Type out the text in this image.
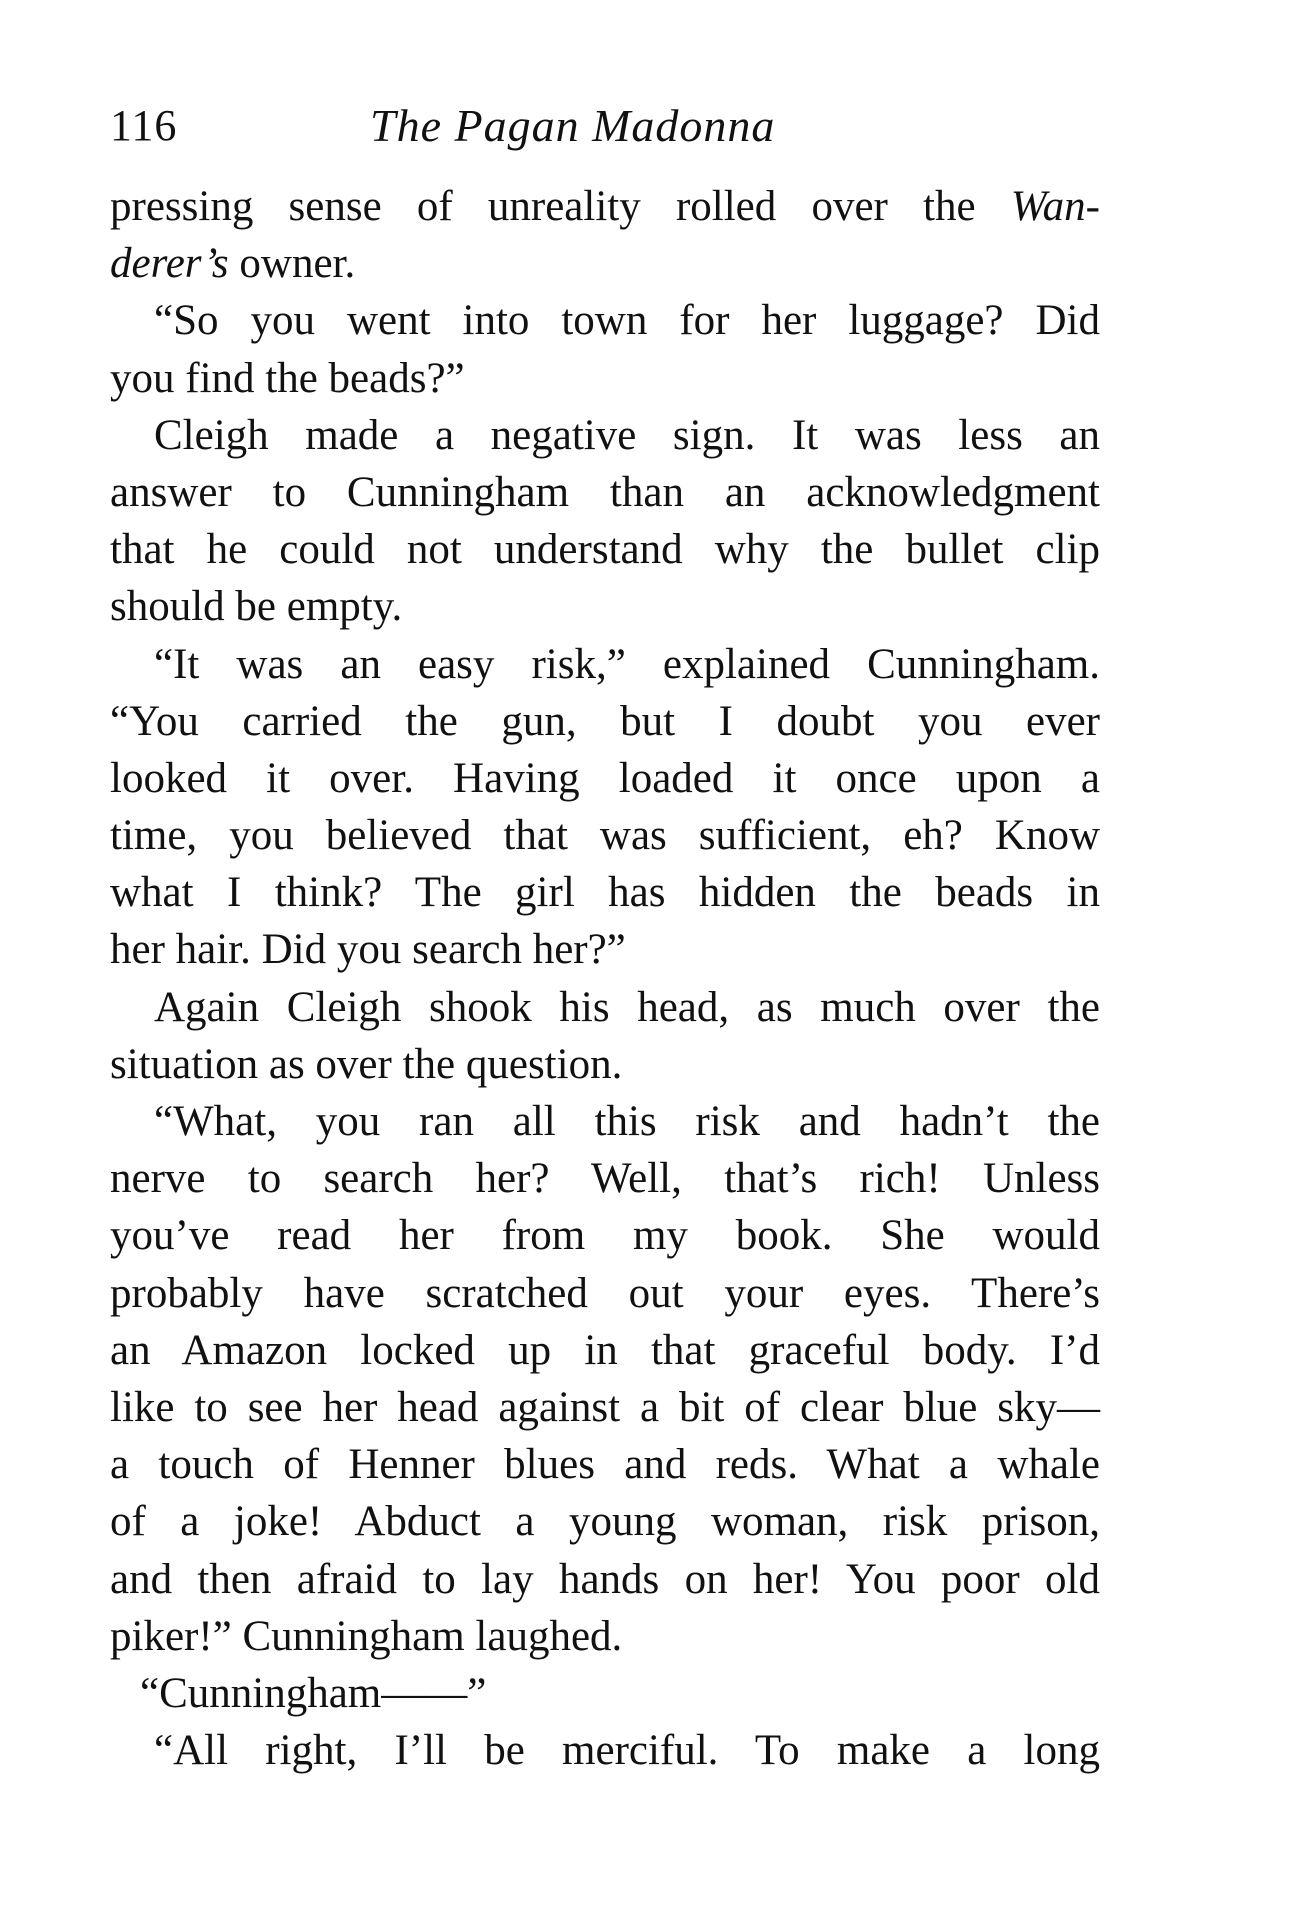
116	The Pagan Madonna
pressing sense of unreality rolled over the Wan-
derer’s owner.
“So you went into town for her luggage? Did
you find the beads?”
Cleigh made a negative sign. It was less an
answer to Cunningham than an acknowledgment
that he could not understand why the bullet clip
should be empty.
“It was an easy risk,” explained Cunningham.
“You carried the gun, but I doubt you ever
looked it over. Having loaded it once upon a
time, you believed that was sufficient, eh? Know
what I think? The girl has hidden the beads in
her hair. Did you search her?”
Again Cleigh shook his head, as much over the
situation as over the question.
“What, you ran all this risk and hadn’t the
nerve to search her? Well, that’s rich! Unless
you’ve read her from my book. She would
probably have scratched out your eyes. There’s
an Amazon locked up in that graceful body. I’d
like to see her head against a bit of clear blue sky—
a touch of Henner blues and reds. What a whale
of a joke! Abduct a young woman, risk prison,
and then afraid to lay hands on her! You poor old
piker!” Cunningham laughed.
“Cunningham——”
“All right, I’ll be merciful. To make a long
